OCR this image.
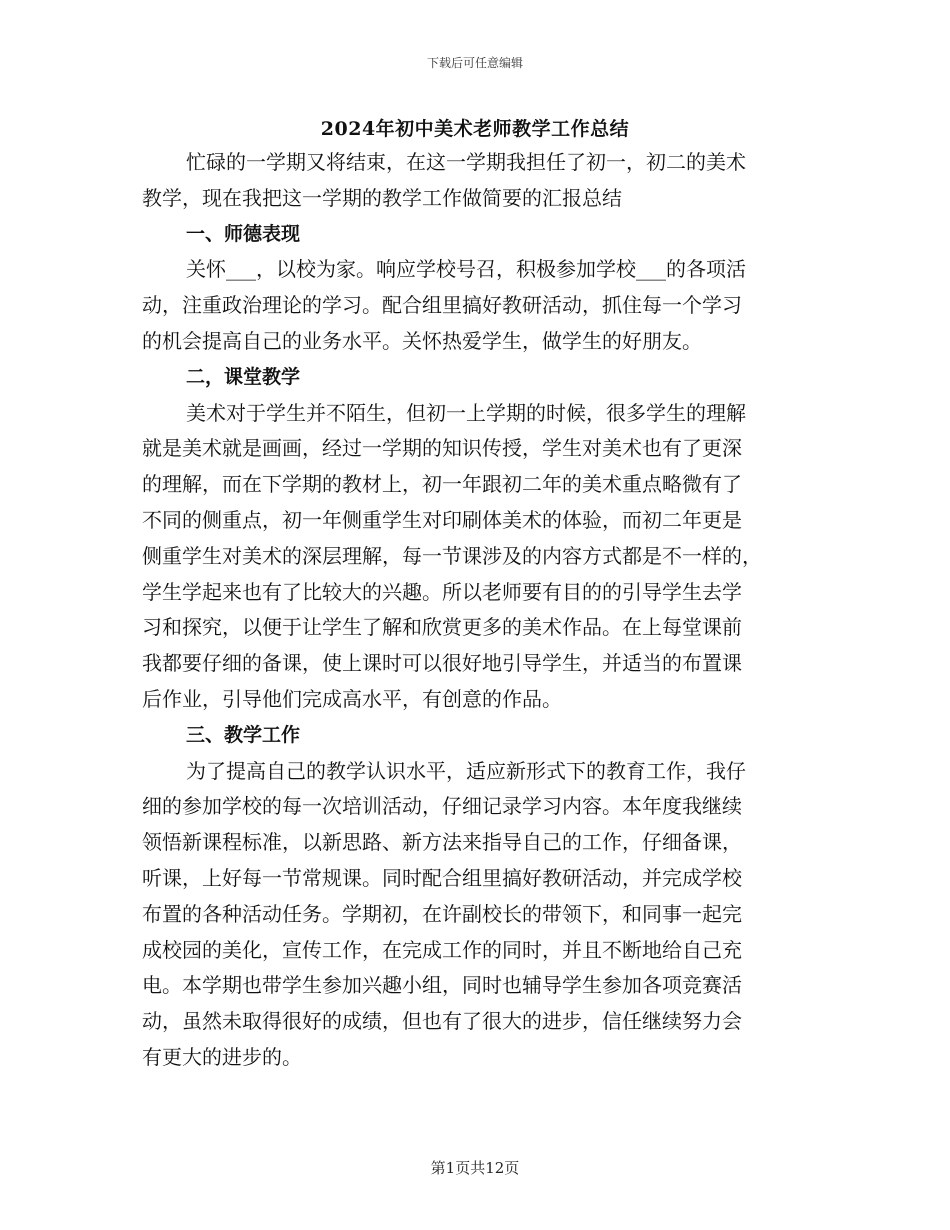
下载后可任意编辑
2024年初中美术老师教学工作总结
忙碌的一学期又将结束，在这一学期我担任了初一，初二的美术
教学，现在我把这一学期的教学工作做简要的汇报总结
一、师德表现
关怀___，以校为家。响应学校号召，积极参加学校___的各项活
动，注重政治理论的学习。配合组里搞好教研活动，抓住每一个学习
的机会提高自己的业务水平。关怀热爱学生，做学生的好朋友。
二，课堂教学
美术对于学生并不陌生，但初一上学期的时候，很多学生的理解
就是美术就是画画，经过一学期的知识传授，学生对美术也有了更深
的理解，而在下学期的教材上，初一年跟初二年的美术重点略微有了
不同的侧重点，初一年侧重学生对印刷体美术的体验，而初二年更是
侧重学生对美术的深层理解，每一节课涉及的内容方式都是不一样的，
学生学起来也有了比较大的兴趣。所以老师要有目的的引导学生去学
习和探究，以便于让学生了解和欣赏更多的美术作品。在上每堂课前
我都要仔细的备课，使上课时可以很好地引导学生，并适当的布置课
后作业，引导他们完成高水平，有创意的作品。
三、教学工作
为了提高自己的教学认识水平，适应新形式下的教育工作，我仔
细的参加学校的每一次培训活动，仔细记录学习内容。本年度我继续
领悟新课程标准，以新思路、新方法来指导自己的工作，仔细备课，
听课，上好每一节常规课。同时配合组里搞好教研活动，并完成学校
布置的各种活动任务。学期初，在许副校长的带领下，和同事一起完
成校园的美化，宣传工作，在完成工作的同时，并且不断地给自己充
电。本学期也带学生参加兴趣小组，同时也辅导学生参加各项竞赛活
动，虽然未取得很好的成绩，但也有了很大的进步，信任继续努力会
有更大的进步的。
第1页共12页
